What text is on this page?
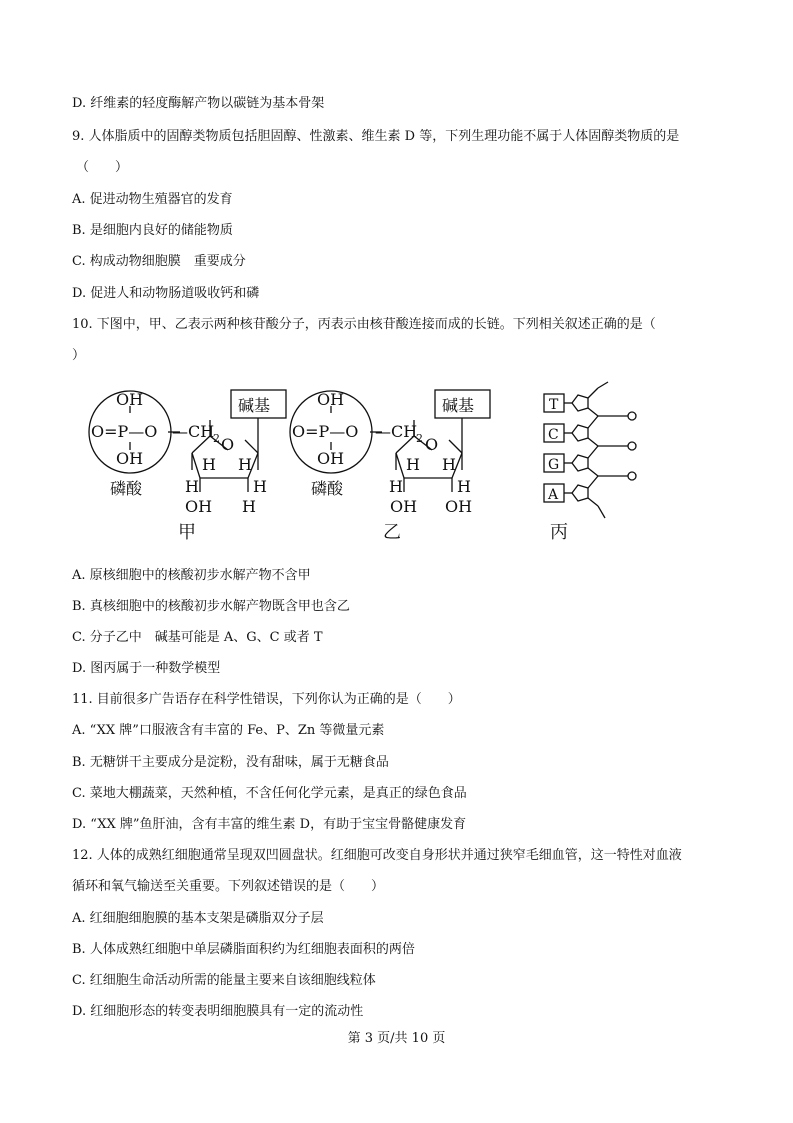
D. 纤维素的轻度酶解产物以碳链为基本骨架
9. 人体脂质中的固醇类物质包括胆固醇、性激素、维生素 D 等，下列生理功能不属于人体固醇类物质的是
（　　）
A. 促进动物生殖器官的发育
B. 是细胞内良好的储能物质
C. 构成动物细胞膜　重要成分
D. 促进人和动物肠道吸收钙和磷
10. 下图中，甲、乙表示两种核苷酸分子，丙表示由核苷酸连接而成的长链。下列相关叙述正确的是（
）
OH
O=P—O
OH
—CH
2 O
H H
H	H
OH H
碱基
磷酸
甲
OH
O=P—O
OH
—CH
2 O
H H
H	H
OH OH
碱基
磷酸
乙
T
C
G
A
丙
A. 原核细胞中的核酸初步水解产物不含甲
B. 真核细胞中的核酸初步水解产物既含甲也含乙
C. 分子乙中　碱基可能是 A、G、C 或者 T
D. 图丙属于一种数学模型
11. 目前很多广告语存在科学性错误，下列你认为正确的是（　　）
A. “XX 牌”口服液含有丰富的 Fe、P、Zn 等微量元素
B. 无糖饼干主要成分是淀粉，没有甜味，属于无糖食品
C. 菜地大棚蔬菜，天然种植，不含任何化学元素，是真正的绿色食品
D. “XX 牌”鱼肝油，含有丰富的维生素 D，有助于宝宝骨骼健康发育
12. 人体的成熟红细胞通常呈现双凹圆盘状。红细胞可改变自身形状并通过狭窄毛细血管，这一特性对血液
循环和氧气输送至关重要。下列叙述错误的是（　　）
A. 红细胞细胞膜的基本支架是磷脂双分子层
B. 人体成熟红细胞中单层磷脂面积约为红细胞表面积的两倍
C. 红细胞生命活动所需的能量主要来自该细胞线粒体
D. 红细胞形态的转变表明细胞膜具有一定的流动性
第 3 页/共 10 页
